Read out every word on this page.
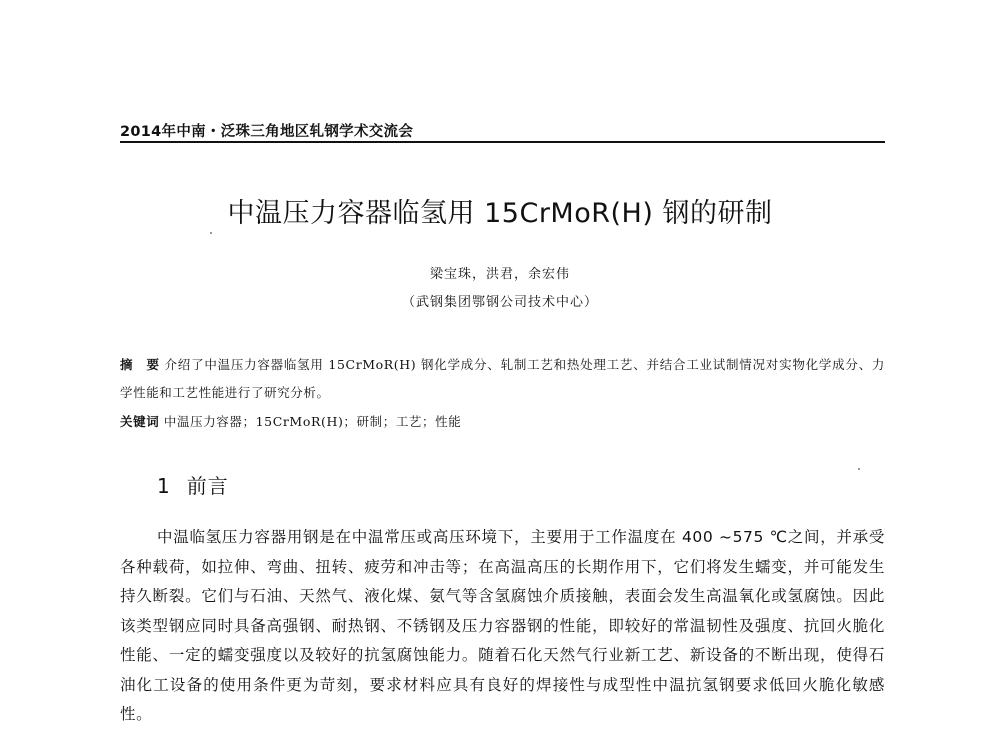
2014年中南・泛珠三角地区轧钢学术交流会
中温压力容器临氢用 15CrMoR(H) 钢的研制
梁宝珠，洪君，余宏伟
（武钢集团鄂钢公司技术中心）
摘　要 介绍了中温压力容器临氢用 15CrMoR(H) 钢化学成分、轧制工艺和热处理工艺、并结合工业试制情况对实物化学成分、力学性能和工艺性能进行了研究分析。
关键词 中温压力容器；15CrMoR(H)；研制；工艺；性能
1 前言

中温临氢压力容器用钢是在中温常压或高压环境下，主要用于工作温度在 400 ~575 ℃之间，并承受各种载荷，如拉伸、弯曲、扭转、疲劳和冲击等；在高温高压的长期作用下，它们将发生蠕变，并可能发生持久断裂。它们与石油、天然气、液化煤、氨气等含氢腐蚀介质接触，表面会发生高温氧化或氢腐蚀。因此该类型钢应同时具备高强钢、耐热钢、不锈钢及压力容器钢的性能，即较好的常温韧性及强度、抗回火脆化性能、一定的蠕变强度以及较好的抗氢腐蚀能力。随着石化天然气行业新工艺、新设备的不断出现，使得石油化工设备的使用条件更为苛刻，要求材料应具有良好的焊接性与成型性中温抗氢钢要求低回火脆化敏感性。
